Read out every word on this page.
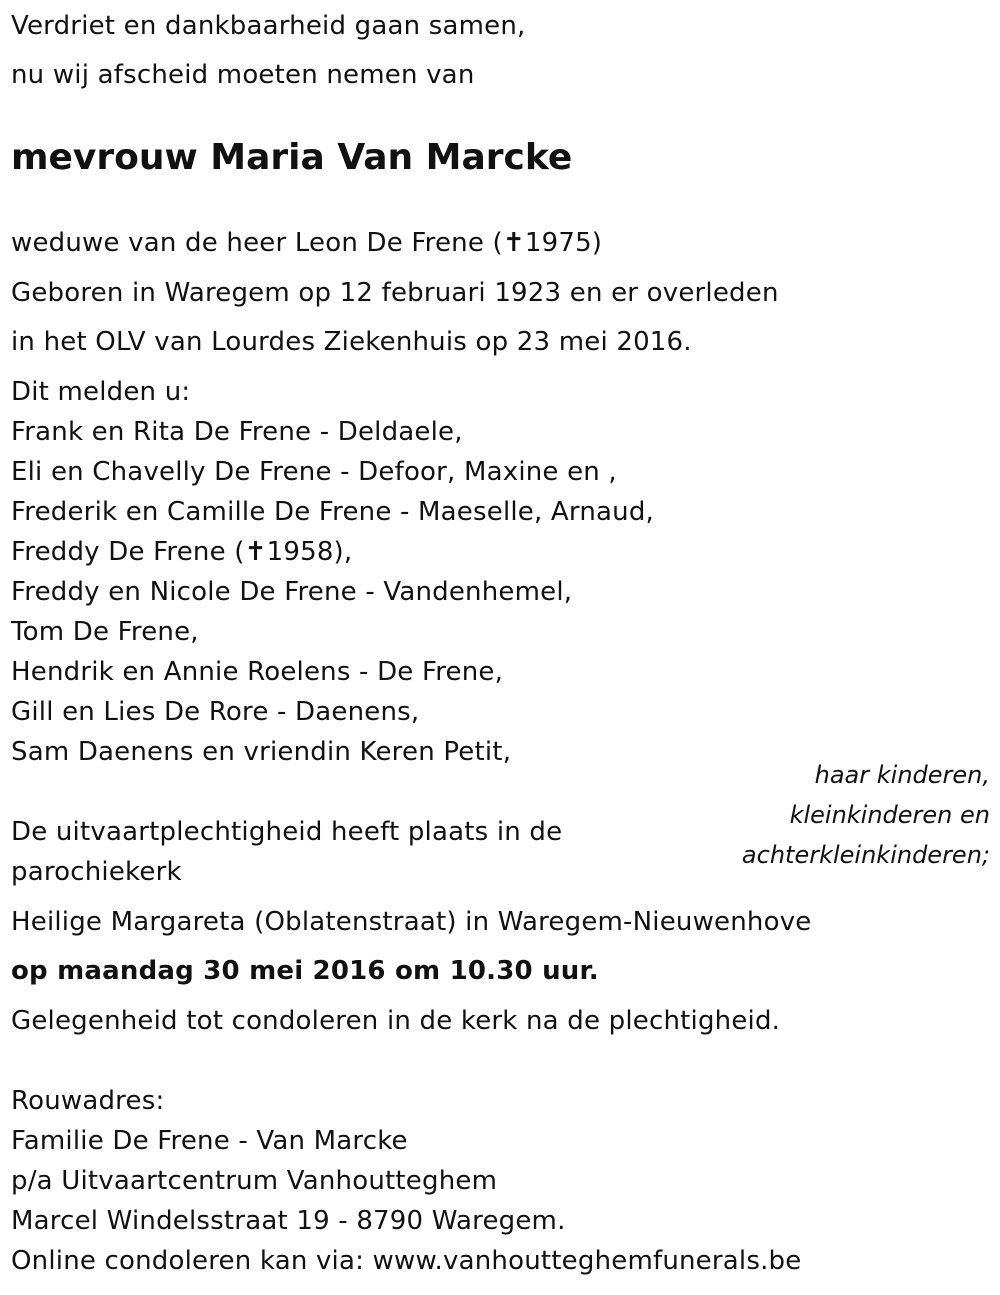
Verdriet en dankbaarheid gaan samen,
nu wij afscheid moeten nemen van
mevrouw Maria Van Marcke
weduwe van de heer Leon De Frene (✝1975)
Geboren in Waregem op 12 februari 1923 en er overleden
in het OLV van Lourdes Ziekenhuis op 23 mei 2016.
Dit melden u:
Frank en Rita De Frene - Deldaele,
Eli en Chavelly De Frene - Defoor, Maxine en ,
Frederik en Camille De Frene - Maeselle, Arnaud,
Freddy De Frene (✝1958),
Freddy en Nicole De Frene - Vandenhemel,
Tom De Frene,
Hendrik en Annie Roelens - De Frene,
Gill en Lies De Rore - Daenens,
Sam Daenens en vriendin Keren Petit,
haar kinderen,
kleinkinderen en
achterkleinkinderen;
De uitvaartplechtigheid heeft plaats in de
parochiekerk
Heilige Margareta (Oblatenstraat) in Waregem-Nieuwenhove
op maandag 30 mei 2016 om 10.30 uur.
Gelegenheid tot condoleren in de kerk na de plechtigheid.
Rouwadres:
Familie De Frene - Van Marcke
p/a Uitvaartcentrum Vanhoutteghem
Marcel Windelsstraat 19 - 8790 Waregem.
Online condoleren kan via: www.vanhoutteghemfunerals.be
